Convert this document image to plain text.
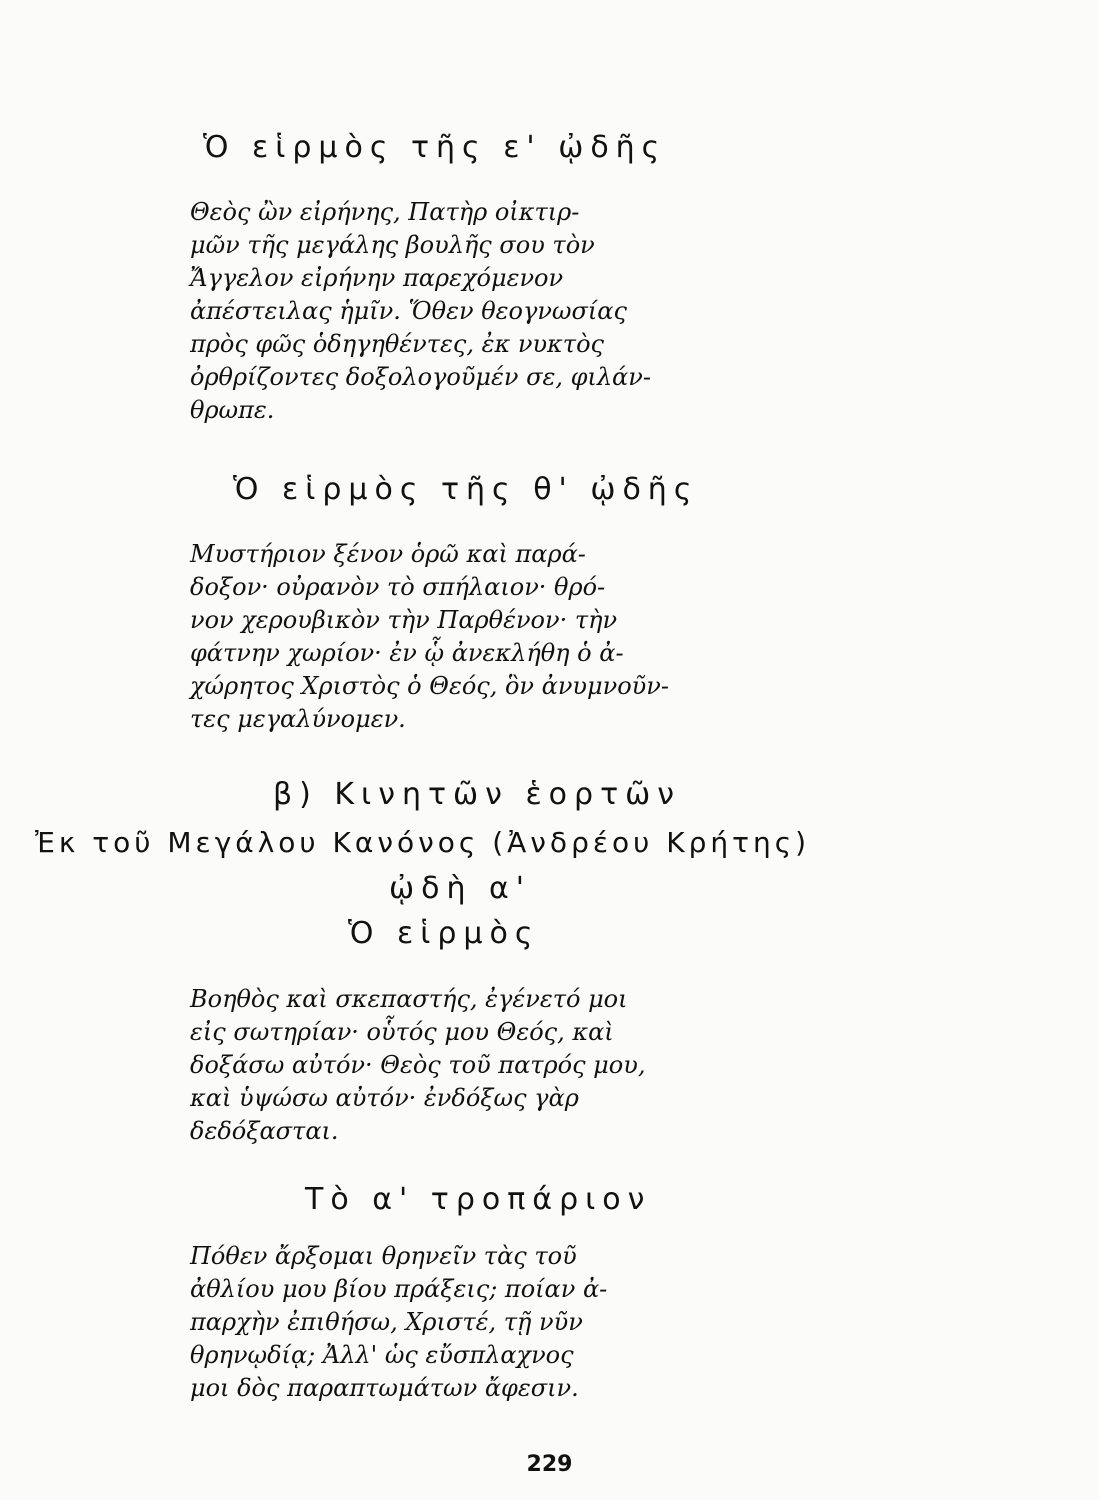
Ὁ εἱρμὸς τῆς ε' ᾠδῆς
Θεὸς ὢν εἰρήνης, Πατὴρ οἰκτιρ-
μῶν τῆς μεγάλης βουλῆς σου τὸν
Ἄγγελον εἰρήνην παρεχόμενον
ἀπέστειλας ἡμῖν. Ὅθεν θεογνωσίας
πρὸς φῶς ὁδηγηθέντες, ἐκ νυκτὸς
ὀρθρίζοντες δοξολογοῦμέν σε, φιλάν-
θρωπε.
Ὁ εἱρμὸς τῆς θ' ᾠδῆς
Μυστήριον ξένον ὁρῶ καὶ παρά-
δοξον· οὐρανὸν τὸ σπήλαιον· θρό-
νον χερουβικὸν τὴν Παρθένον· τὴν
φάτνην χωρίον· ἐν ᾧ ἀνεκλήθη ὁ ἀ-
χώρητος Χριστὸς ὁ Θεός, ὃν ἀνυμνοῦν-
τες μεγαλύνομεν.
β) Κινητῶν ἑορτῶν
Ἐκ τοῦ Μεγάλου Κανόνος (Ἀνδρέου Κρήτης)
ᾠδὴ α'
Ὁ εἱρμὸς
Βοηθὸς καὶ σκεπαστής, ἐγένετό μοι
εἰς σωτηρίαν· οὗτός μου Θεός, καὶ
δοξάσω αὐτόν· Θεὸς τοῦ πατρός μου,
καὶ ὑψώσω αὐτόν· ἐνδόξως γὰρ
δεδόξασται.
Τὸ α' τροπάριον
Πόθεν ἄρξομαι θρηνεῖν τὰς τοῦ
ἀθλίου μου βίου πράξεις; ποίαν ἀ-
παρχὴν ἐπιθήσω, Χριστέ, τῇ νῦν
θρηνῳδίᾳ; Ἀλλ' ὡς εὔσπλαχνος
μοι δὸς παραπτωμάτων ἄφεσιν.
229
